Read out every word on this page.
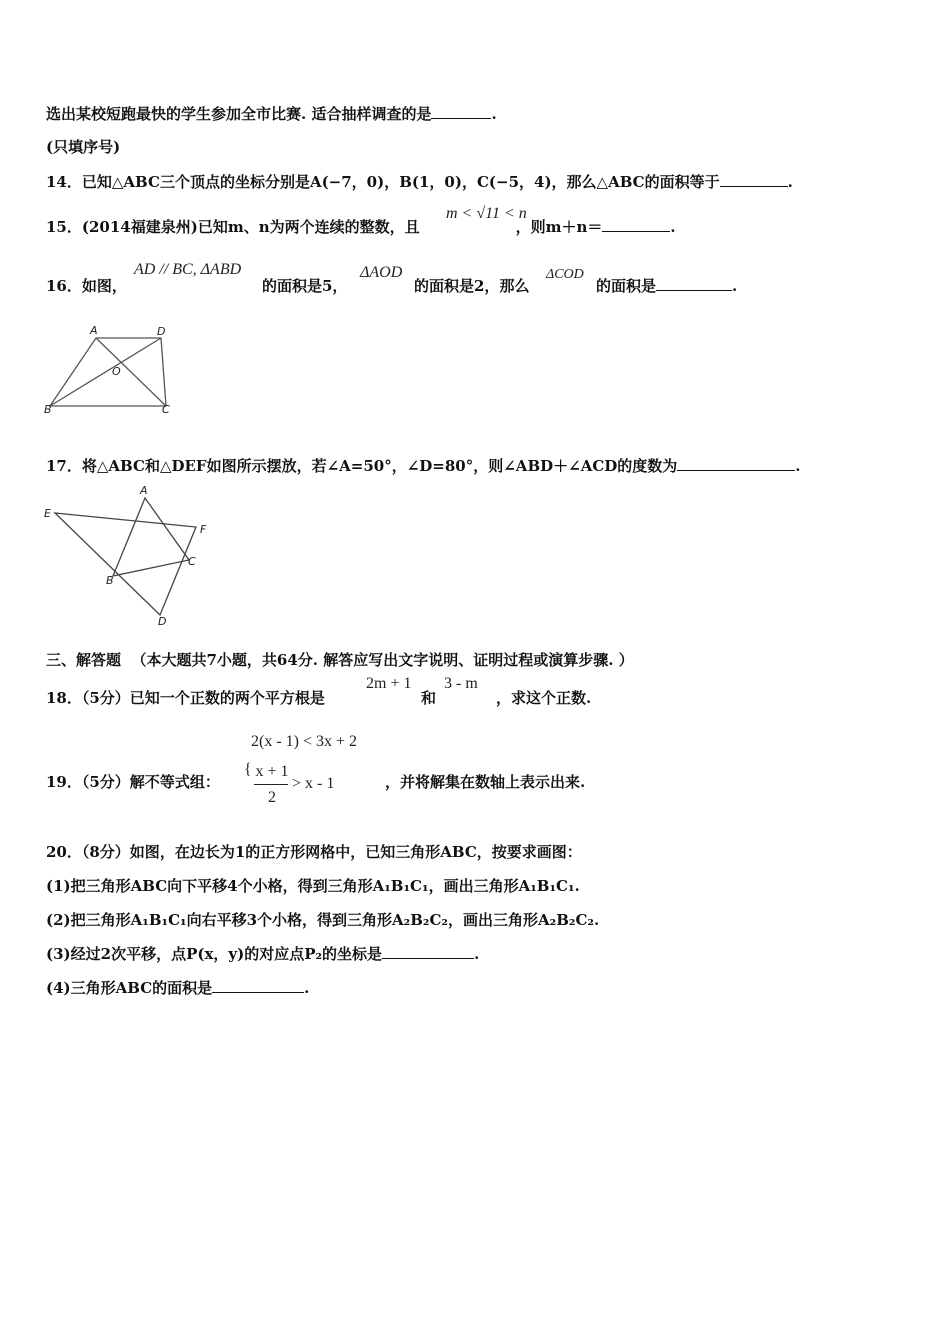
选出某校短跑最快的学生参加全市比赛. 适合抽样调查的是	.
(只填序号)
14．已知△ABC三个顶点的坐标分别是A(−7，0)，B(1，0)，C(−5，4)，那么△ABC的面积等于	.
15．(2014福建泉州)已知m、n为两个连续的整数，且	，则m＋n＝	.
m < √11 < n
16．如图，
AD // BC, ΔABD
的面积是5，
ΔAOD
的面积是2，那么
ΔCOD
的面积是	.
A	D
O
B	C
17．将△ABC和△DEF如图所示摆放，若∠A=50°，∠D=80°，则∠ABD＋∠ACD的度数为	.
A
E
F
C
B
D
三、解答题 （本大题共7小题，共64分. 解答应写出文字说明、证明过程或演算步骤. ）
18．（5分）已知一个正数的两个平方根是
2m + 1
和
3 - m
，求这个正数.
2(x - 1) < 3x + 2
19．（5分）解不等式组：
{ x + 1
2
> x - 1	，并将解集在数轴上表示出来.
20．（8分）如图，在边长为1的正方形网格中，已知三角形ABC，按要求画图：
(1)把三角形ABC向下平移4个小格，得到三角形A₁B₁C₁，画出三角形A₁B₁C₁.
(2)把三角形A₁B₁C₁向右平移3个小格，得到三角形A₂B₂C₂，画出三角形A₂B₂C₂.
(3)经过2次平移，点P(x，y)的对应点P₂的坐标是	.
(4)三角形ABC的面积是	.
